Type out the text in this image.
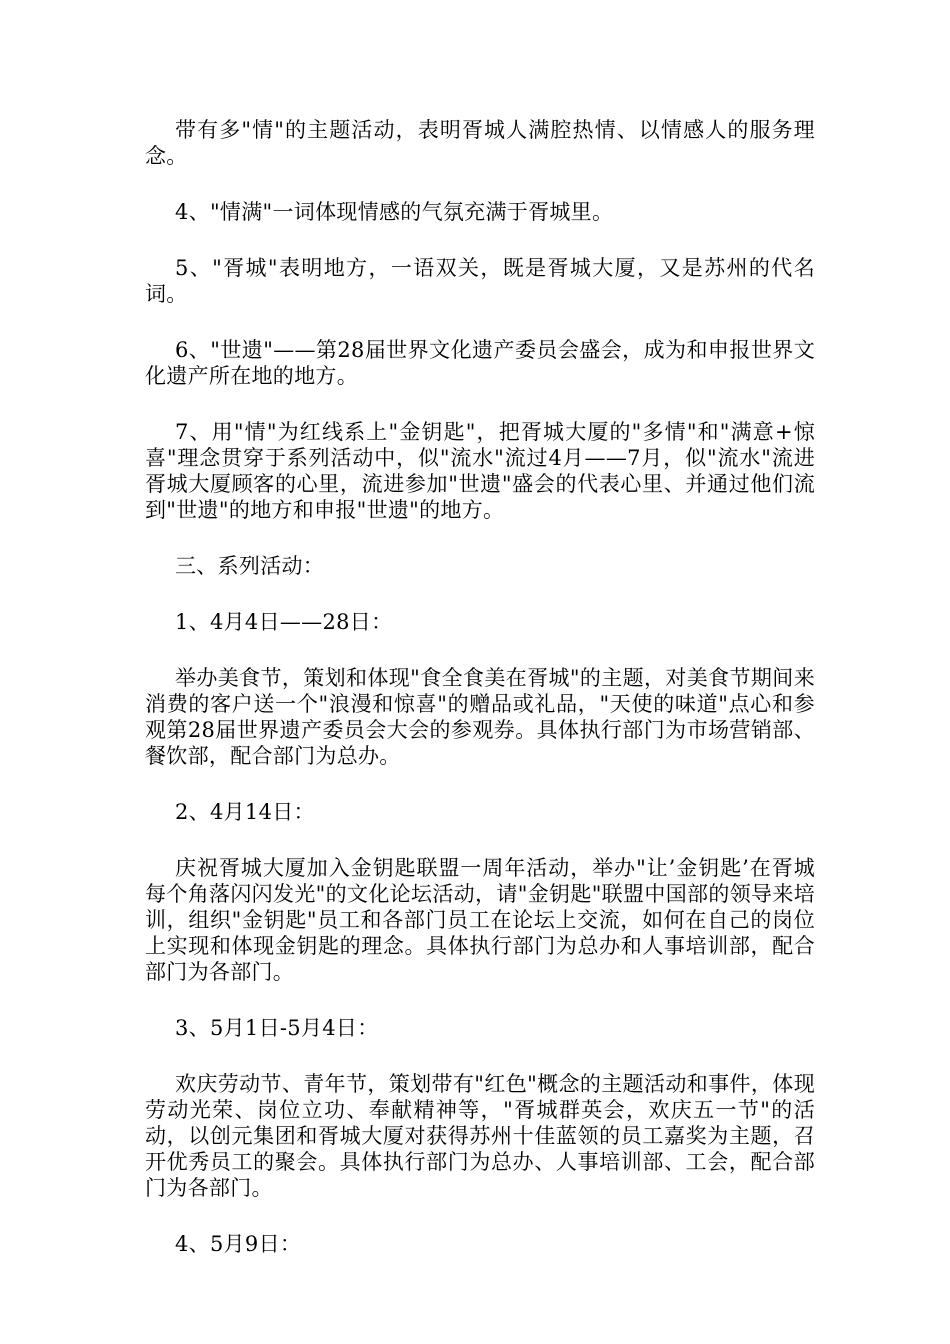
带有多"情"的主题活动，表明胥城人满腔热情、以情感人的服务理念。

4、"情满"一词体现情感的气氛充满于胥城里。

5、"胥城"表明地方，一语双关，既是胥城大厦，又是苏州的代名词。

6、"世遗"——第28届世界文化遗产委员会盛会，成为和申报世界文化遗产所在地的地方。

7、用"情"为红线系上"金钥匙"，把胥城大厦的"多情"和"满意+惊喜"理念贯穿于系列活动中，似"流水"流过4月——7月，似"流水"流进胥城大厦顾客的心里，流进参加"世遗"盛会的代表心里、并通过他们流到"世遗"的地方和申报"世遗"的地方。

三、系列活动：

1、4月4日——28日：

举办美食节，策划和体现"食全食美在胥城"的主题，对美食节期间来消费的客户送一个"浪漫和惊喜"的赠品或礼品，"天使的味道"点心和参观第28届世界遗产委员会大会的参观券。具体执行部门为市场营销部、餐饮部，配合部门为总办。

2、4月14日：

庆祝胥城大厦加入金钥匙联盟一周年活动，举办"让’金钥匙’在胥城每个角落闪闪发光"的文化论坛活动，请"金钥匙"联盟中国部的领导来培训，组织"金钥匙"员工和各部门员工在论坛上交流，如何在自己的岗位上实现和体现金钥匙的理念。具体执行部门为总办和人事培训部，配合部门为各部门。

3、5月1日-5月4日：

欢庆劳动节、青年节，策划带有"红色"概念的主题活动和事件，体现劳动光荣、岗位立功、奉献精神等，"胥城群英会，欢庆五一节"的活动，以创元集团和胥城大厦对获得苏州十佳蓝领的员工嘉奖为主题，召开优秀员工的聚会。具体执行部门为总办、人事培训部、工会，配合部门为各部门。

4、5月9日：
